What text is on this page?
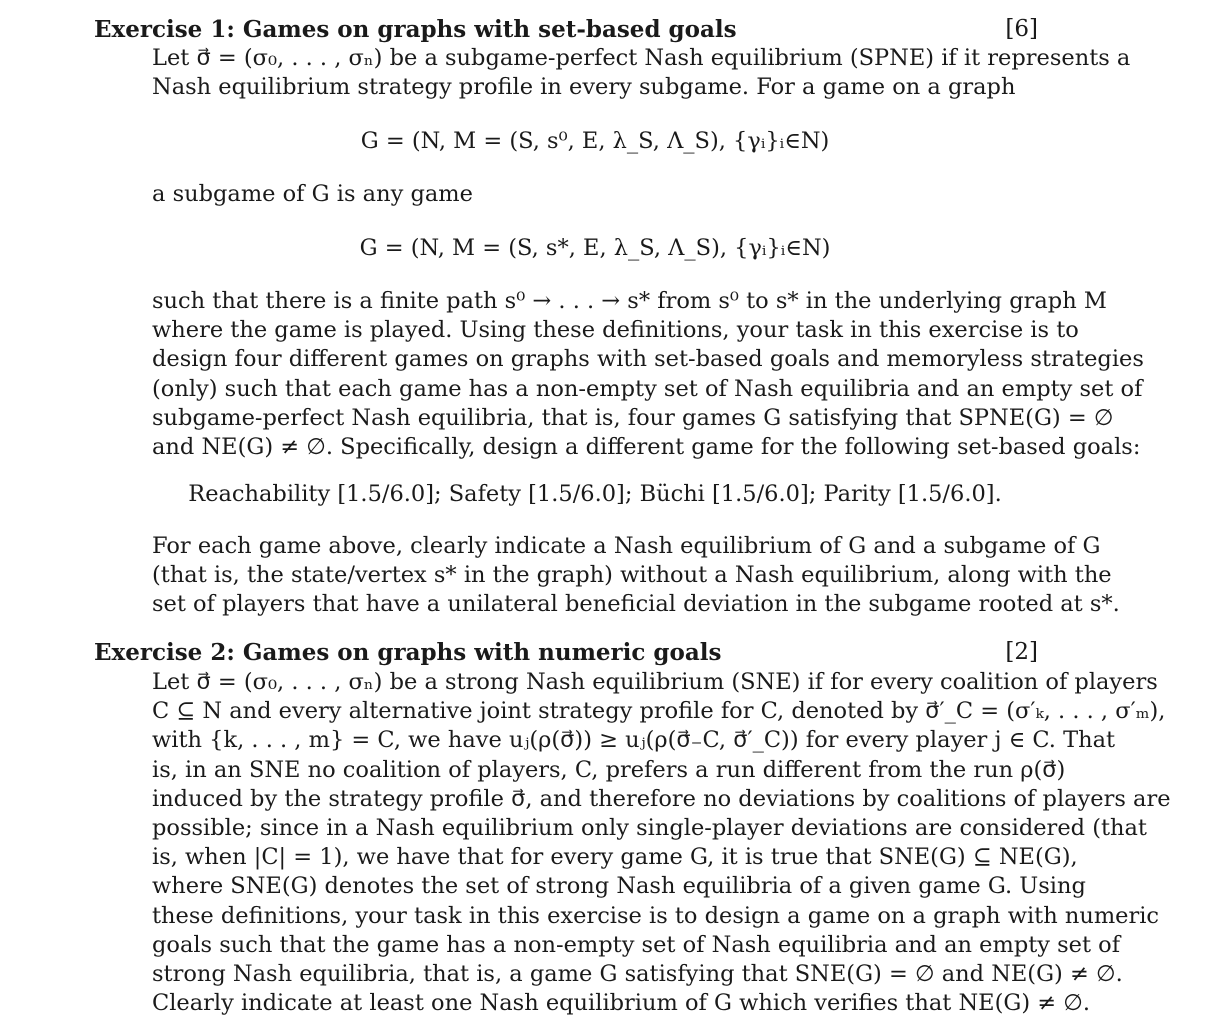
Exercise 1: Games on graphs with set-based goals	[6]
Let σ⃗ = (σ₀, . . . , σₙ) be a subgame-perfect Nash equilibrium (SPNE) if it represents a
Nash equilibrium strategy profile in every subgame. For a game on a graph
G = (N, M = (S, s⁰, E, λ_S, Λ_S), {γᵢ}ᵢ∈N)
a subgame of G is any game
G = (N, M = (S, s*, E, λ_S, Λ_S), {γᵢ}ᵢ∈N)
such that there is a finite path s⁰ → . . . → s* from s⁰ to s* in the underlying graph M
where the game is played. Using these definitions, your task in this exercise is to
design four different games on graphs with set-based goals and memoryless strategies
(only) such that each game has a non-empty set of Nash equilibria and an empty set of
subgame-perfect Nash equilibria, that is, four games G satisfying that SPNE(G) = ∅
and NE(G) ≠ ∅. Specifically, design a different game for the following set-based goals:
Reachability [1.5/6.0]; Safety [1.5/6.0]; Büchi [1.5/6.0]; Parity [1.5/6.0].
For each game above, clearly indicate a Nash equilibrium of G and a subgame of G
(that is, the state/vertex s* in the graph) without a Nash equilibrium, along with the
set of players that have a unilateral beneficial deviation in the subgame rooted at s*.
Exercise 2: Games on graphs with numeric goals	[2]
Let σ⃗ = (σ₀, . . . , σₙ) be a strong Nash equilibrium (SNE) if for every coalition of players
C ⊆ N and every alternative joint strategy profile for C, denoted by σ⃗′_C = (σ′ₖ, . . . , σ′ₘ),
with {k, . . . , m} = C, we have uⱼ(ρ(σ⃗)) ≥ uⱼ(ρ(σ⃗₋C, σ⃗′_C)) for every player j ∈ C. That
is, in an SNE no coalition of players, C, prefers a run different from the run ρ(σ⃗)
induced by the strategy profile σ⃗, and therefore no deviations by coalitions of players are
possible; since in a Nash equilibrium only single-player deviations are considered (that
is, when |C| = 1), we have that for every game G, it is true that SNE(G) ⊆ NE(G),
where SNE(G) denotes the set of strong Nash equilibria of a given game G. Using
these definitions, your task in this exercise is to design a game on a graph with numeric
goals such that the game has a non-empty set of Nash equilibria and an empty set of
strong Nash equilibria, that is, a game G satisfying that SNE(G) = ∅ and NE(G) ≠ ∅.
Clearly indicate at least one Nash equilibrium of G which verifies that NE(G) ≠ ∅.
